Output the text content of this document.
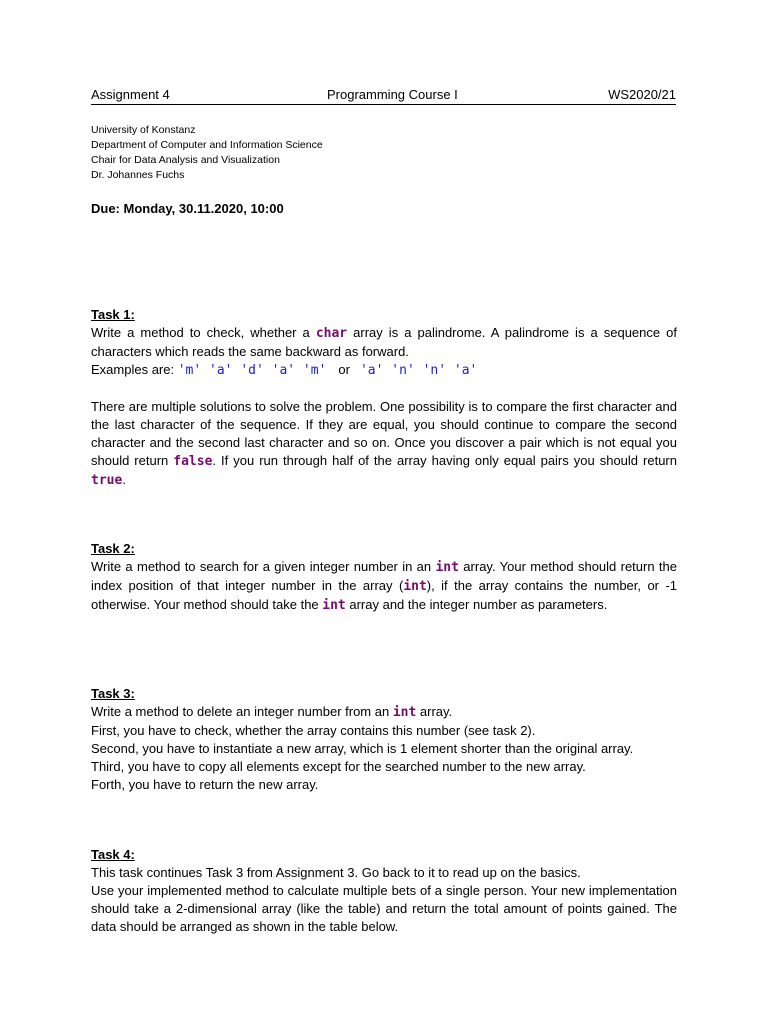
Assignment 4	Programming Course I	WS2020/21
University of Konstanz
Department of Computer and Information Science
Chair for Data Analysis and Visualization
Dr. Johannes Fuchs
Due: Monday, 30.11.2020, 10:00
Task 1:

Write a method to check, whether a char array is a palindrome. A palindrome is a sequence of characters which reads the same backward as forward.

Examples are: 'm' 'a' 'd' 'a' 'm' or 'a' 'n' 'n' 'a'

There are multiple solutions to solve the problem. One possibility is to compare the first character and the last character of the sequence. If they are equal, you should continue to compare the second character and the second last character and so on. Once you discover a pair which is not equal you should return false. If you run through half of the array having only equal pairs you should return true.

Task 2:

Write a method to search for a given integer number in an int array. Your method should return the index position of that integer number in the array (int), if the array contains the number, or -1 otherwise. Your method should take the int array and the integer number as parameters.

Task 3:

Write a method to delete an integer number from an int array.

First, you have to check, whether the array contains this number (see task 2).

Second, you have to instantiate a new array, which is 1 element shorter than the original array.

Third, you have to copy all elements except for the searched number to the new array.

Forth, you have to return the new array.

Task 4:

This task continues Task 3 from Assignment 3. Go back to it to read up on the basics.

Use your implemented method to calculate multiple bets of a single person. Your new implementation should take a 2-dimensional array (like the table) and return the total amount of points gained. The data should be arranged as shown in the table below.
